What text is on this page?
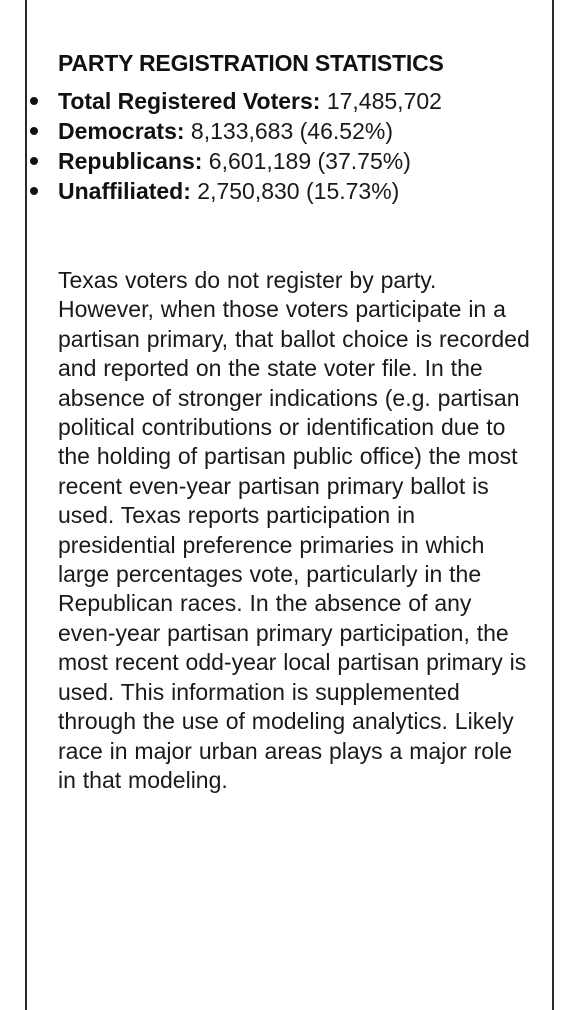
PARTY REGISTRATION STATISTICS
Total Registered Voters: 17,485,702
Democrats: 8,133,683 (46.52%)
Republicans: 6,601,189 (37.75%)
Unaffiliated: 2,750,830 (15.73%)

Texas voters do not register by party. However, when those voters participate in a partisan primary, that ballot choice is recorded and reported on the state voter file. In the absence of stronger indications (e.g. partisan political contributions or identification due to the holding of partisan public office) the most recent even-year partisan primary ballot is used. Texas reports participation in presidential preference primaries in which large percentages vote, particularly in the Republican races. In the absence of any even-year partisan primary participation, the most recent odd-year local partisan primary is used. This information is supplemented through the use of modeling analytics. Likely race in major urban areas plays a major role in that modeling.
